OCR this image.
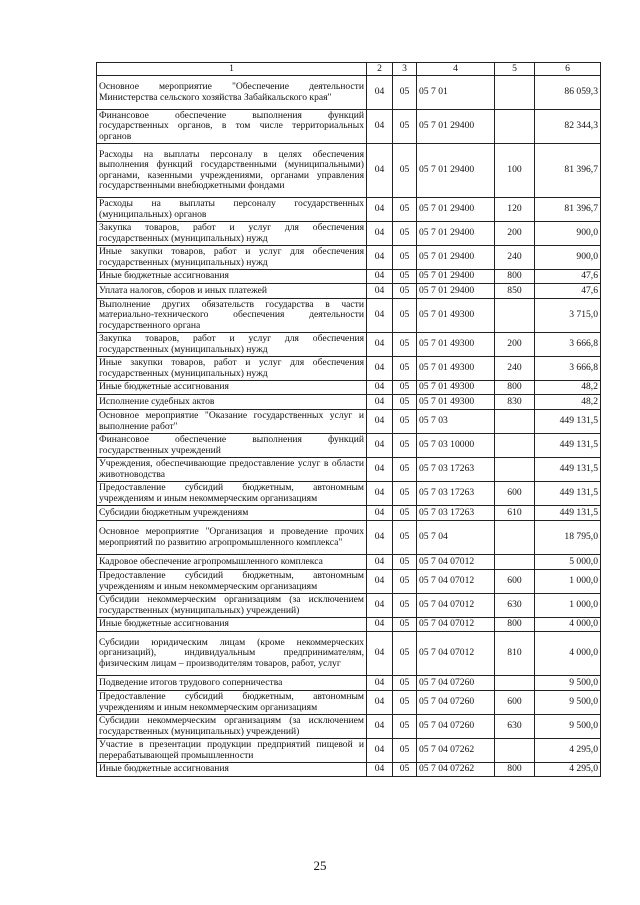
1	2	3	4	5	6
Основное мероприятие "Обеспечение деятельности Министерства сельского хозяйства Забайкальского края"	04	05	05 7 01		86 059,3
Финансовое обеспечение выполнения функций государственных органов, в том числе территориальных органов	04	05	05 7 01 29400		82 344,3
Расходы на выплаты персоналу в целях обеспечения выполнения функций государственными (муниципальными) органами, казенными учреждениями, органами управления государственными внебюджетными фондами	04	05	05 7 01 29400	100	81 396,7
Расходы на выплаты персоналу государственных (муниципальных) органов	04	05	05 7 01 29400	120	81 396,7
Закупка товаров, работ и услуг для обеспечения государственных (муниципальных) нужд	04	05	05 7 01 29400	200	900,0
Иные закупки товаров, работ и услуг для обеспечения государственных (муниципальных) нужд	04	05	05 7 01 29400	240	900,0
Иные бюджетные ассигнования	04	05	05 7 01 29400	800	47,6
Уплата налогов, сборов и иных платежей	04	05	05 7 01 29400	850	47,6
Выполнение других обязательств государства в части материально-технического обеспечения деятельности государственного органа	04	05	05 7 01 49300		3 715,0
Закупка товаров, работ и услуг для обеспечения государственных (муниципальных) нужд	04	05	05 7 01 49300	200	3 666,8
Иные закупки товаров, работ и услуг для обеспечения государственных (муниципальных) нужд	04	05	05 7 01 49300	240	3 666,8
Иные бюджетные ассигнования	04	05	05 7 01 49300	800	48,2
Исполнение судебных актов	04	05	05 7 01 49300	830	48,2
Основное мероприятие "Оказание государственных услуг и выполнение работ"	04	05	05 7 03		449 131,5
Финансовое обеспечение выполнения функций государственных учреждений	04	05	05 7 03 10000		449 131,5
Учреждения, обеспечивающие предоставление услуг в области животноводства	04	05	05 7 03 17263		449 131,5
Предоставление субсидий бюджетным, автономным учреждениям и иным некоммерческим организациям	04	05	05 7 03 17263	600	449 131,5
Субсидии бюджетным учреждениям	04	05	05 7 03 17263	610	449 131,5
Основное мероприятие "Организация и проведение прочих мероприятий по развитию агропромышленного комплекса"	04	05	05 7 04		18 795,0
Кадровое обеспечение агропромышленного комплекса	04	05	05 7 04 07012		5 000,0
Предоставление субсидий бюджетным, автономным учреждениям и иным некоммерческим организациям	04	05	05 7 04 07012	600	1 000,0
Субсидии некоммерческим организациям (за исключением государственных (муниципальных) учреждений)	04	05	05 7 04 07012	630	1 000,0
Иные бюджетные ассигнования	04	05	05 7 04 07012	800	4 000,0
Субсидии юридическим лицам (кроме некоммерческих организаций), индивидуальным предпринимателям, физическим лицам – производителям товаров, работ, услуг	04	05	05 7 04 07012	810	4 000,0
Подведение итогов трудового соперничества	04	05	05 7 04 07260		9 500,0
Предоставление субсидий бюджетным, автономным учреждениям и иным некоммерческим организациям	04	05	05 7 04 07260	600	9 500,0
Субсидии некоммерческим организациям (за исключением государственных (муниципальных) учреждений)	04	05	05 7 04 07260	630	9 500,0
Участие в презентации продукции предприятий пищевой и перерабатывающей промышленности	04	05	05 7 04 07262		4 295,0
Иные бюджетные ассигнования	04	05	05 7 04 07262	800	4 295,0
25
